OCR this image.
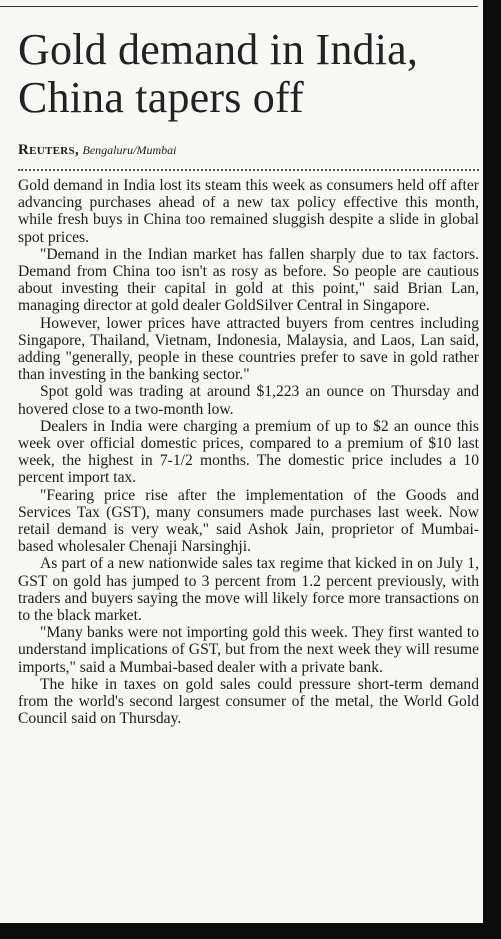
Gold demand in India, China tapers off
Reuters, Bengaluru/Mumbai

Gold demand in India lost its steam this week as consumers held off after advancing purchases ahead of a new tax policy effective this month, while fresh buys in China too remained sluggish despite a slide in global spot prices.

"Demand in the Indian market has fallen sharply due to tax factors. Demand from China too isn't as rosy as before. So people are cautious about investing their capital in gold at this point," said Brian Lan, managing director at gold dealer GoldSilver Central in Singapore.

However, lower prices have attracted buyers from centres including Singapore, Thailand, Vietnam, Indonesia, Malaysia, and Laos, Lan said, adding "generally, people in these countries prefer to save in gold rather than investing in the banking sector."

Spot gold was trading at around $1,223 an ounce on Thursday and hovered close to a two-month low.

Dealers in India were charging a premium of up to $2 an ounce this week over official domestic prices, compared to a premium of $10 last week, the highest in 7-1/2 months. The domestic price includes a 10 percent import tax.

"Fearing price rise after the implementation of the Goods and Services Tax (GST), many consumers made purchases last week. Now retail demand is very weak," said Ashok Jain, proprietor of Mumbai-based wholesaler Chenaji Narsinghji.

As part of a new nationwide sales tax regime that kicked in on July 1, GST on gold has jumped to 3 percent from 1.2 percent previously, with traders and buyers saying the move will likely force more transactions on to the black market.

"Many banks were not importing gold this week. They first wanted to understand implications of GST, but from the next week they will resume imports," said a Mumbai-based dealer with a private bank.

The hike in taxes on gold sales could pressure short-term demand from the world's second largest consumer of the metal, the World Gold Council said on Thursday.
